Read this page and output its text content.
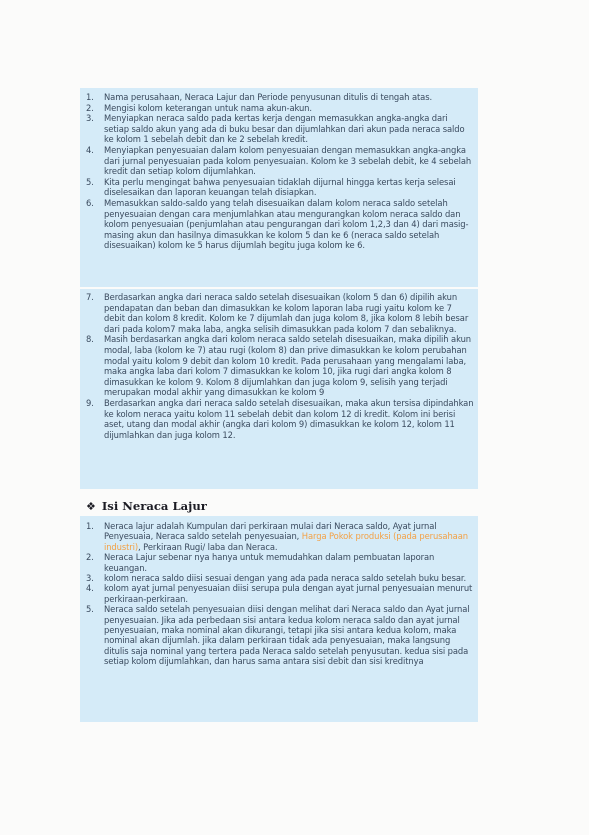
1. Nama perusahaan, Neraca Lajur dan Periode penyusunan ditulis di tengah atas.
2. Mengisi kolom keterangan untuk nama akun-akun.
3. Menyiapkan neraca saldo pada kertas kerja dengan memasukkan angka-angka dari setiap saldo akun yang ada di buku besar dan dijumlahkan dari akun pada neraca saldo ke kolom 1 sebelah debit dan ke 2 sebelah kredit.
4. Menyiapkan penyesuaian dalam kolom penyesuaian dengan memasukkan angka-angka dari jurnal penyesuaian pada kolom penyesuaian. Kolom ke 3 sebelah debit, ke 4 sebelah kredit dan setiap kolom dijumlahkan.
5. Kita perlu mengingat bahwa penyesuaian tidaklah dijurnal hingga kertas kerja selesai diselesaikan dan laporan keuangan telah disiapkan.
6. Memasukkan saldo-saldo yang telah disesuaikan dalam kolom neraca saldo setelah penyesuaian dengan cara menjumlahkan atau mengurangkan kolom neraca saldo dan kolom penyesuaian (penjumlahan atau pengurangan dari kolom 1,2,3 dan 4) dari masig-masing akun dan hasilnya dimasukkan ke kolom 5 dan ke 6 (neraca saldo setelah disesuaikan) kolom ke 5 harus dijumlah begitu juga kolom ke 6.
7. Berdasarkan angka dari neraca saldo setelah disesuaikan (kolom 5 dan 6) dipilih akun pendapatan dan beban dan dimasukkan ke kolom laporan laba rugi yaitu kolom ke 7 debit dan kolom 8 kredit. Kolom ke 7 dijumlah dan juga kolom 8, jika kolom 8 lebih besar dari pada kolom7 maka laba, angka selisih dimasukkan pada kolom 7 dan sebaliknya.
8. Masih berdasarkan angka dari kolom neraca saldo setelah disesuaikan, maka dipilih akun modal, laba (kolom ke 7) atau rugi (kolom 8) dan prive dimasukkan ke kolom perubahan modal yaitu kolom 9 debit dan kolom 10 kredit. Pada perusahaan yang mengalami laba, maka angka laba dari kolom 7 dimasukkan ke kolom 10, jika rugi dari angka kolom 8 dimasukkan ke kolom 9. Kolom 8 dijumlahkan dan juga kolom 9, selisih yang terjadi merupakan modal akhir yang dimasukkan ke kolom 9
9. Berdasarkan angka dari neraca saldo setelah disesuaikan, maka akun tersisa dipindahkan ke kolom neraca yaitu kolom 11 sebelah debit dan kolom 12 di kredit. Kolom ini berisi aset, utang dan modal akhir (angka dari kolom 9) dimasukkan ke kolom 12, kolom 11 dijumlahkan dan juga kolom 12.
❖ Isi Neraca Lajur
1. Neraca lajur adalah Kumpulan dari perkiraan mulai dari Neraca saldo, Ayat jurnal Penyesuaia, Neraca saldo setelah penyesuaian, Harga Pokok produksi (pada perusahaan industri), Perkiraan Rugi/ laba dan Neraca.
2. Neraca Lajur sebenar nya hanya untuk memudahkan dalam pembuatan laporan keuangan.
3. kolom neraca saldo diisi sesuai dengan yang ada pada neraca saldo setelah buku besar.
4. kolom ayat jurnal penyesuaian diisi serupa pula dengan ayat jurnal penyesuaian menurut perkiraan-perkiraan.
5. Neraca saldo setelah penyesuaian diisi dengan melihat dari Neraca saldo dan Ayat jurnal penyesuaian. Jika ada perbedaan sisi antara kedua kolom neraca saldo dan ayat jurnal penyesuaian, maka nominal akan dikurangi, tetapi jika sisi antara kedua kolom, maka nominal akan dijumlah. jika dalam perkiraan tidak ada penyesuaian, maka langsung ditulis saja nominal yang tertera pada Neraca saldo setelah penyusutan. kedua sisi pada setiap kolom dijumlahkan, dan harus sama antara sisi debit dan sisi kreditnya
